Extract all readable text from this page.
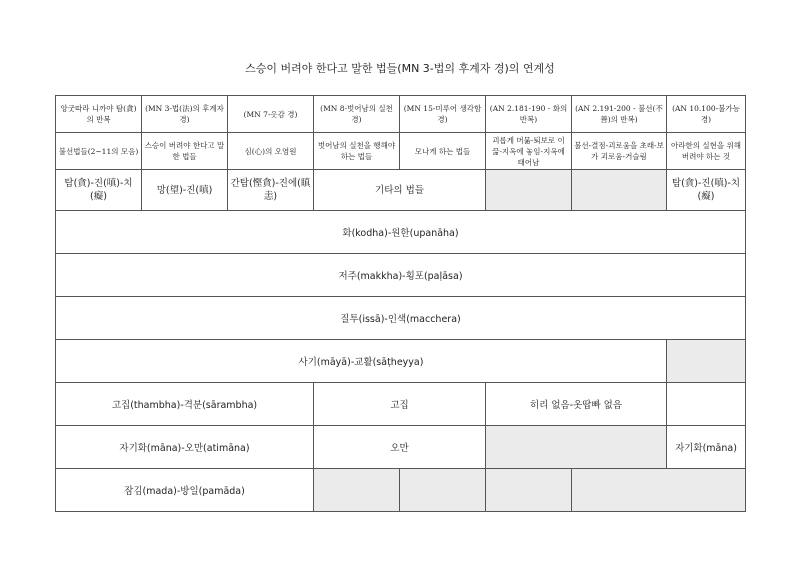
스승이 버려야 한다고 말한 법들(MN 3-법의 후계자 경)의 연계성
앙굿따라 니까야 탐(貪)의 반복	(MN 3-법(法)의 후계자 경)	(MN 7-옷감 경)	(MN 8-벗어남의 실천 경)	(MN 15-미루어 생각함 경)	(AN 2.181-190 - 화의 반복)	(AN 2.191-200 - 불선(不善)의 반복)	(AN 10.100-불가능 경)
불선법들(2~11의 모음)	스승이 버려야 한다고 말한 법들	심(心)의 오염원	벗어남의 실천을 행해야 하는 법들	모나게 하는 법들	괴롭게 머묾-퇴보로 이끎-지옥에 놓임-지옥에 태어남	불선-결점-괴로움을 초래-보가 괴로움-거슬림	아라한의 실현을 위해 버려야 하는 것
탐(貪)-진(嗔)-치(癡)	망(望)-진(嗔)	간탐(慳貪)-진에(瞋恚)	기타의 법들				탐(貪)-진(嗔)-치(癡)
화(kodha)-원한(upanāha)							
저주(makkha)-횡포(paḷāsa)							
질투(issā)-인색(macchera)							
사기(māyā)-교활(sāṭheyya)							
고집(thambha)-격분(sārambha)			고집		히리 없음-옷땁빠 없음		
자기화(māna)-오만(atimāna)			오만				자기화(māna)
잠김(mada)-방일(pamāda)							
